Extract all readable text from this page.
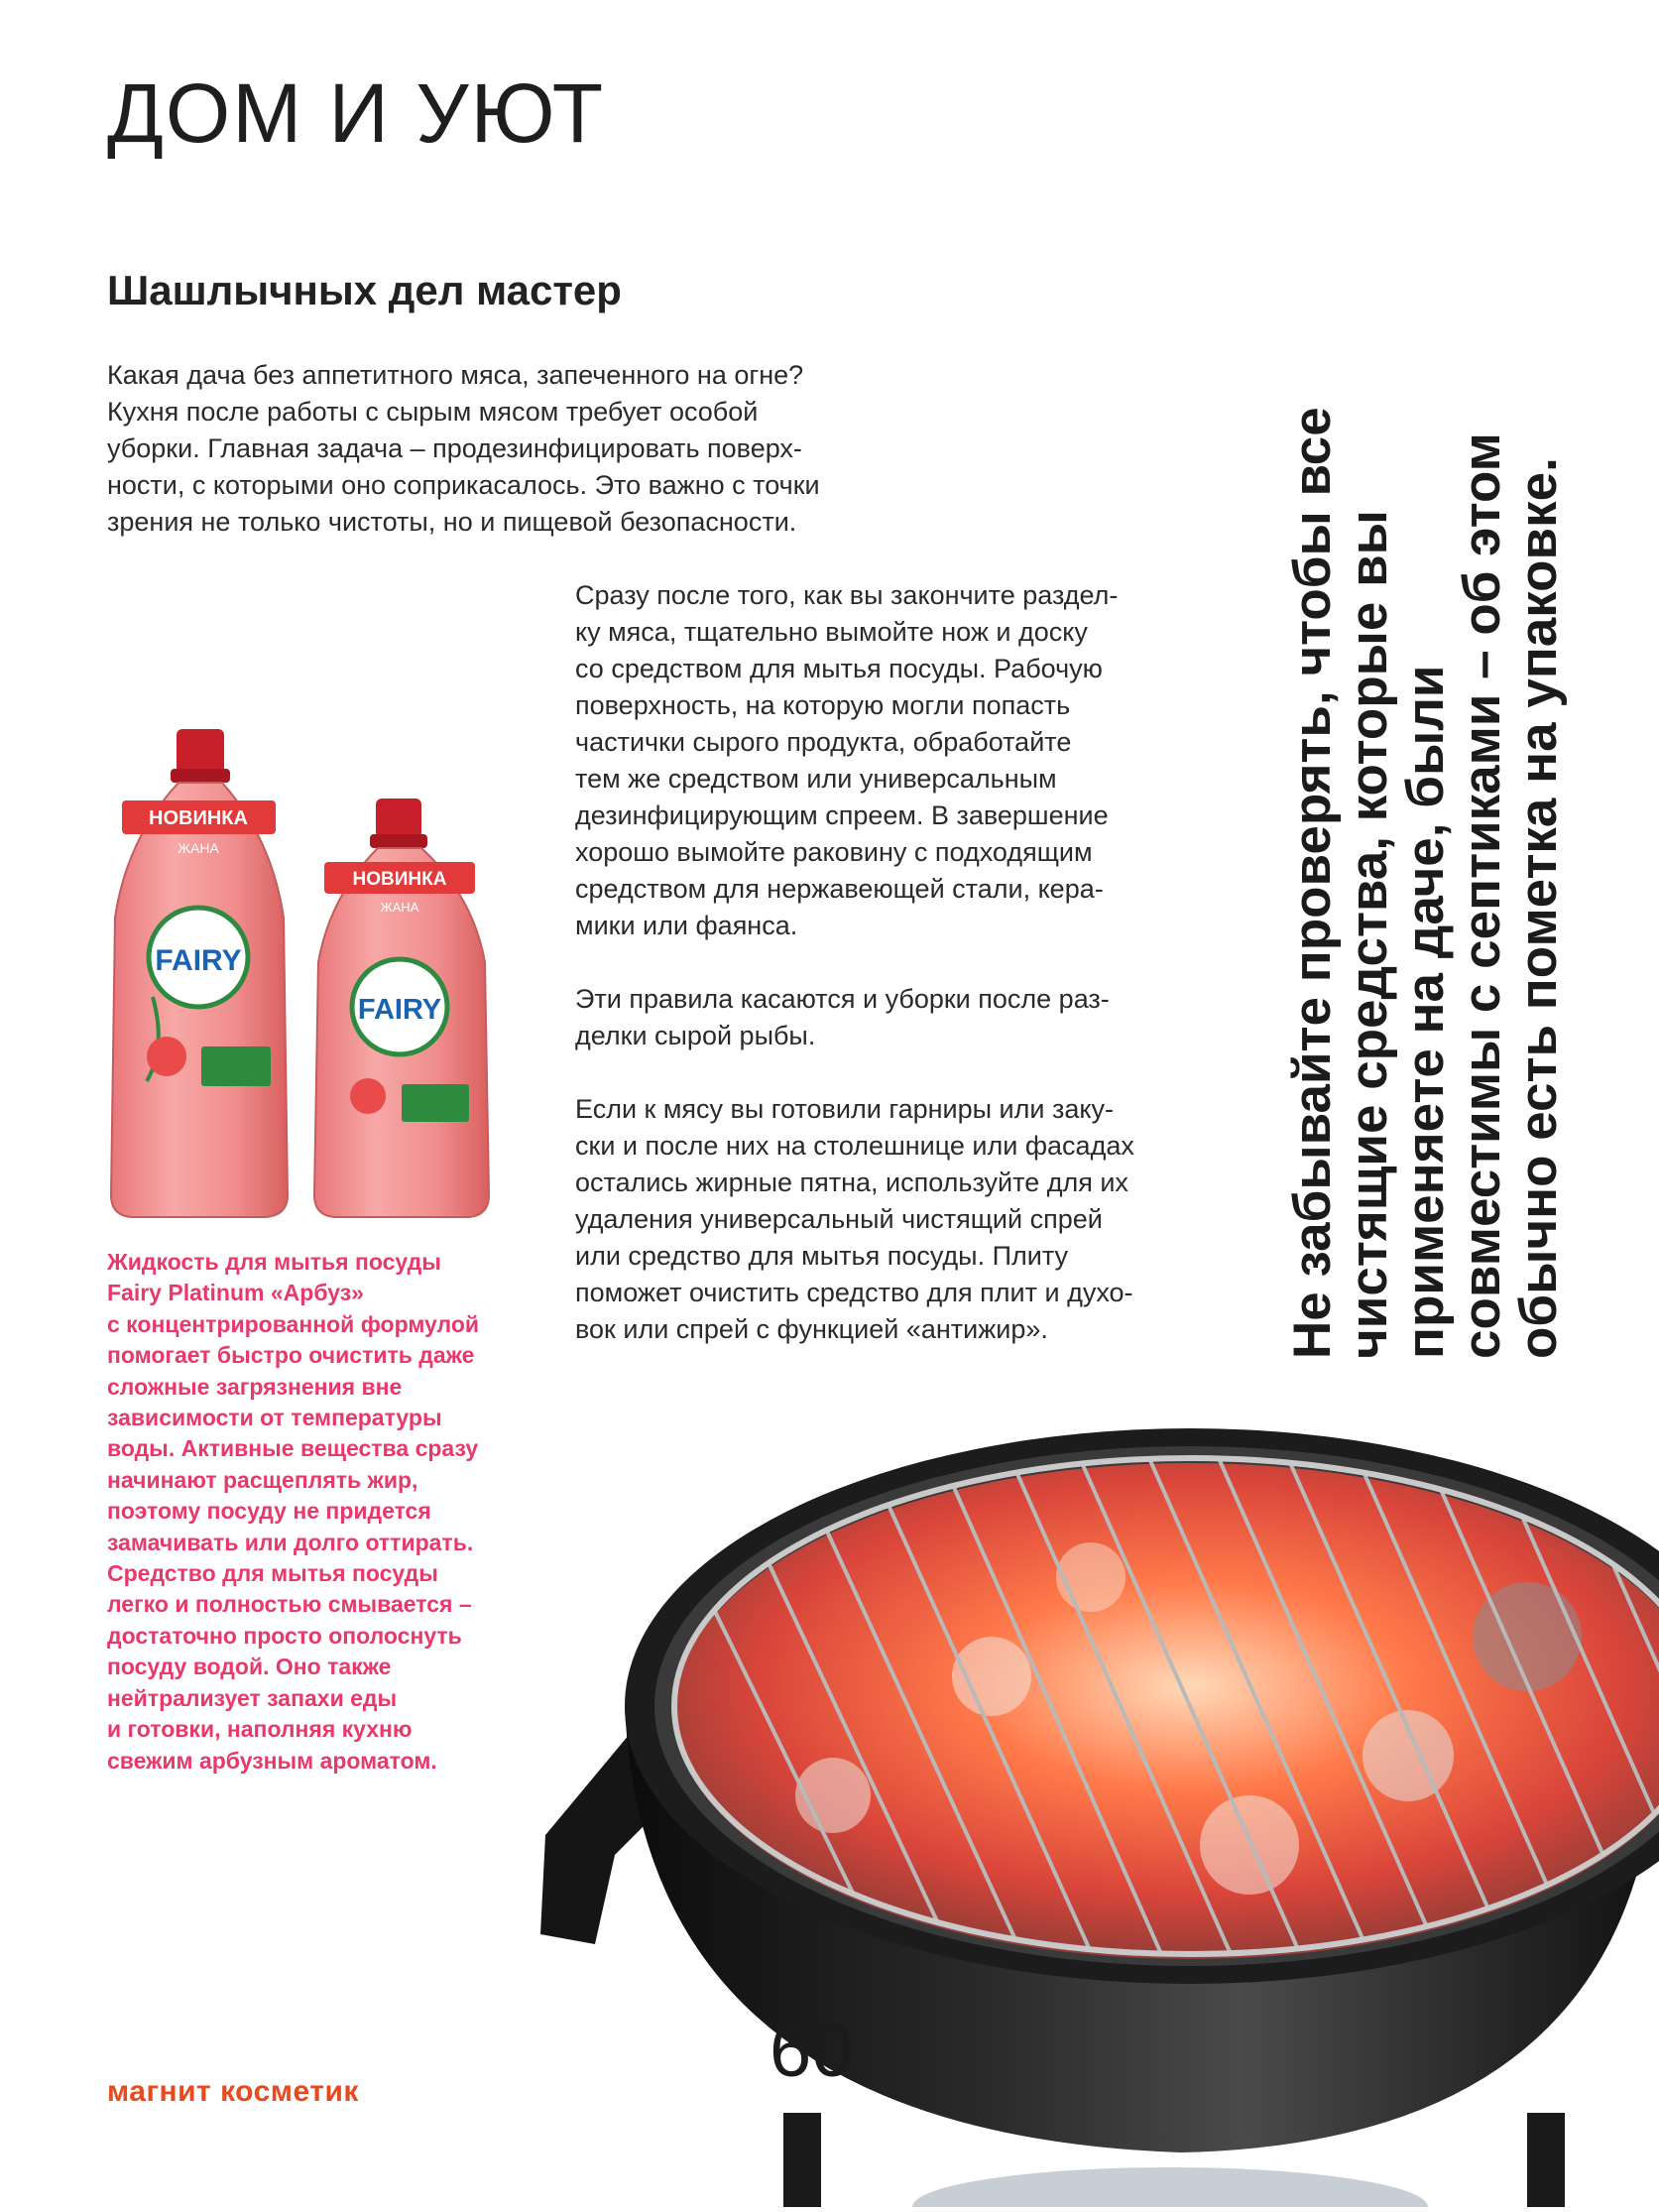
ДОМ И УЮТ
Шашлычных дел мастер
Какая дача без аппетитного мяса, запеченного на огне?
Кухня после работы с сырым мясом требует особой
уборки. Главная задача – продезинфицировать поверх-
ности, с которыми оно соприкасалось. Это важно с точки
зрения не только чистоты, но и пищевой безопасности.

Сразу после того, как вы закончите раздел-
ку мяса, тщательно вымойте нож и доску
со средством для мытья посуды. Рабочую
поверхность, на которую могли попасть
частички сырого продукта, обработайте
тем же средством или универсальным
дезинфицирующим спреем. В завершение
хорошо вымойте раковину с подходящим
средством для нержавеющей стали, кера-
мики или фаянса.

Эти правила касаются и уборки после раз-
делки сырой рыбы.

Если к мясу вы готовили гарниры или заку-
ски и после них на столешнице или фасадах
остались жирные пятна, используйте для их
удаления универсальный чистящий спрей
или средство для мытья посуды. Плиту
поможет очистить средство для плит и духо-
вок или спрей с функцией «антижир».

НОВИНКА
ЖАНА
FAIRY
НОВИНКА
ЖАНА
FAIRY
Жидкость для мытья посуды
Fairy Platinum «Арбуз»
с концентрированной формулой
помогает быстро очистить даже
сложные загрязнения вне
зависимости от температуры
воды. Активные вещества сразу
начинают расщеплять жир,
поэтому посуду не придется
замачивать или долго оттирать.
Средство для мытья посуды
легко и полностью смывается –
достаточно просто ополоснуть
посуду водой. Оно также
нейтрализует запахи еды
и готовки, наполняя кухню
свежим арбузным ароматом.
Не забывайте проверять, чтобы все
чистящие средства, которые вы
применяете на даче, были
совместимы с септиками – об этом
обычно есть пометка на упаковке.
магнит косметик	60
